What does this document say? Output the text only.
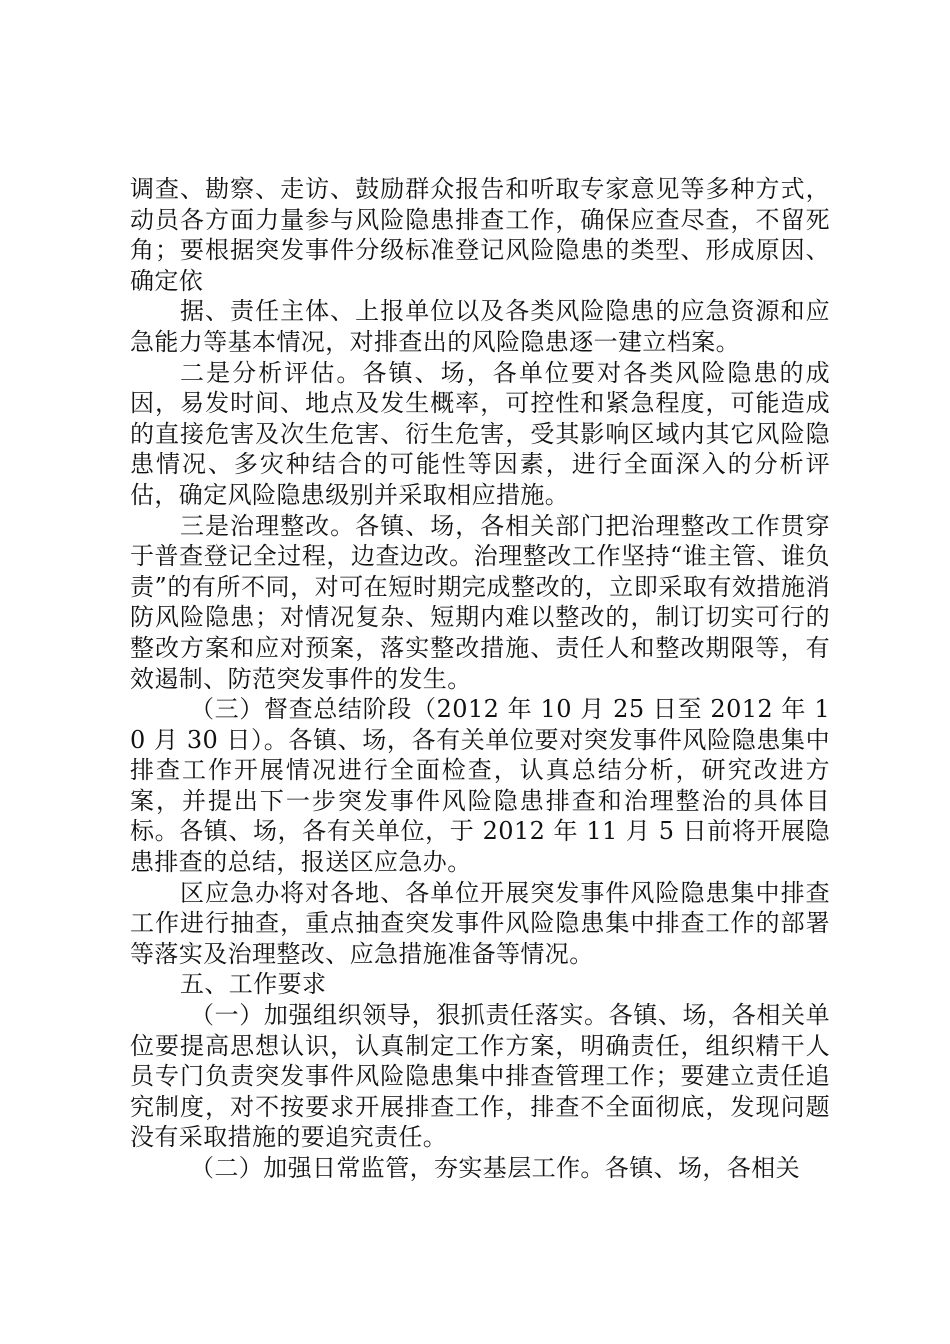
调查、勘察、走访、鼓励群众报告和听取专家意见等多种方式，动员各方面力量参与风险隐患排查工作，确保应查尽查，不留死角；要根据突发事件分级标准登记风险隐患的类型、形成原因、确定依

据、责任主体、上报单位以及各类风险隐患的应急资源和应急能力等基本情况，对排查出的风险隐患逐一建立档案。

二是分析评估。各镇、场，各单位要对各类风险隐患的成因，易发时间、地点及发生概率，可控性和紧急程度，可能造成的直接危害及次生危害、衍生危害，受其影响区域内其它风险隐患情况、多灾种结合的可能性等因素，进行全面深入的分析评估，确定风险隐患级别并采取相应措施。

三是治理整改。各镇、场，各相关部门把治理整改工作贯穿于普查登记全过程，边查边改。治理整改工作坚持“谁主管、谁负责”的有所不同，对可在短时期完成整改的，立即采取有效措施消防风险隐患；对情况复杂、短期内难以整改的，制订切实可行的整改方案和应对预案，落实整改措施、责任人和整改期限等，有效遏制、防范突发事件的发生。

（三）督查总结阶段（2012 年 10 月 25 日至 2012 年 10 月 30 日）。各镇、场，各有关单位要对突发事件风险隐患集中排查工作开展情况进行全面检查，认真总结分析，研究改进方案，并提出下一步突发事件风险隐患排查和治理整治的具体目标。各镇、场，各有关单位，于 2012 年 11 月 5 日前将开展隐患排查的总结，报送区应急办。

区应急办将对各地、各单位开展突发事件风险隐患集中排查工作进行抽查，重点抽查突发事件风险隐患集中排查工作的部署等落实及治理整改、应急措施准备等情况。

五、工作要求

（一）加强组织领导，狠抓责任落实。各镇、场，各相关单位要提高思想认识，认真制定工作方案，明确责任，组织精干人员专门负责突发事件风险隐患集中排查管理工作；要建立责任追究制度，对不按要求开展排查工作，排查不全面彻底，发现问题没有采取措施的要追究责任。

（二）加强日常监管，夯实基层工作。各镇、场，各相关
